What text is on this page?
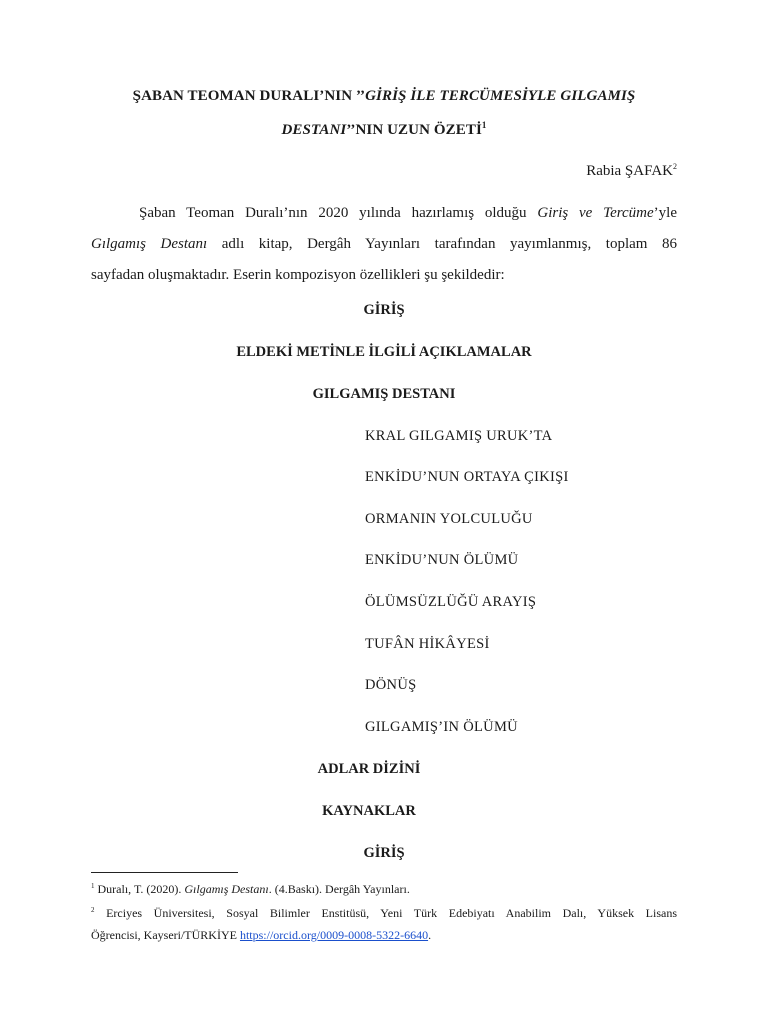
ŞABAN TEOMAN DURALI’NIN ’’GİRİŞ İLE TERCÜMESİYLE GILGAMIŞ
DESTANI’’NIN UZUN ÖZETİ$^1$
Rabia ŞAFAK$^2$
Şaban Teoman Duralı’nın 2020 yılında hazırlamış olduğu Giriş ve Tercüme’yle
Gılgamış Destanı adlı kitap, Dergâh Yayınları tarafından yayımlanmış, toplam 86
sayfadan oluşmaktadır. Eserin kompozisyon özellikleri şu şekildedir:
GİRİŞ
ELDEKİ METİNLE İLGİLİ AÇIKLAMALAR
GILGAMIŞ DESTANI
KRAL GILGAMIŞ URUK’TA
ENKİDU’NUN ORTAYA ÇIKIŞI
ORMANIN YOLCULUĞU
ENKİDU’NUN ÖLÜMÜ
ÖLÜMSÜZLÜĞÜ ARAYIŞ
TUFÂN HİKÂYESİ
DÖNÜŞ
GILGAMIŞ’IN ÖLÜMÜ
ADLAR DİZİNİ
KAYNAKLAR
GİRİŞ
$^1$ Duralı, T. (2020). Gılgamış Destanı. (4.Baskı). Dergâh Yayınları.
$^2$ Erciyes Üniversitesi, Sosyal Bilimler Enstitüsü, Yeni Türk Edebiyatı Anabilim Dalı, Yüksek Lisans
Öğrencisi, Kayseri/TÜRKİYE https://orcid.org/0009-0008-5322-6640.
